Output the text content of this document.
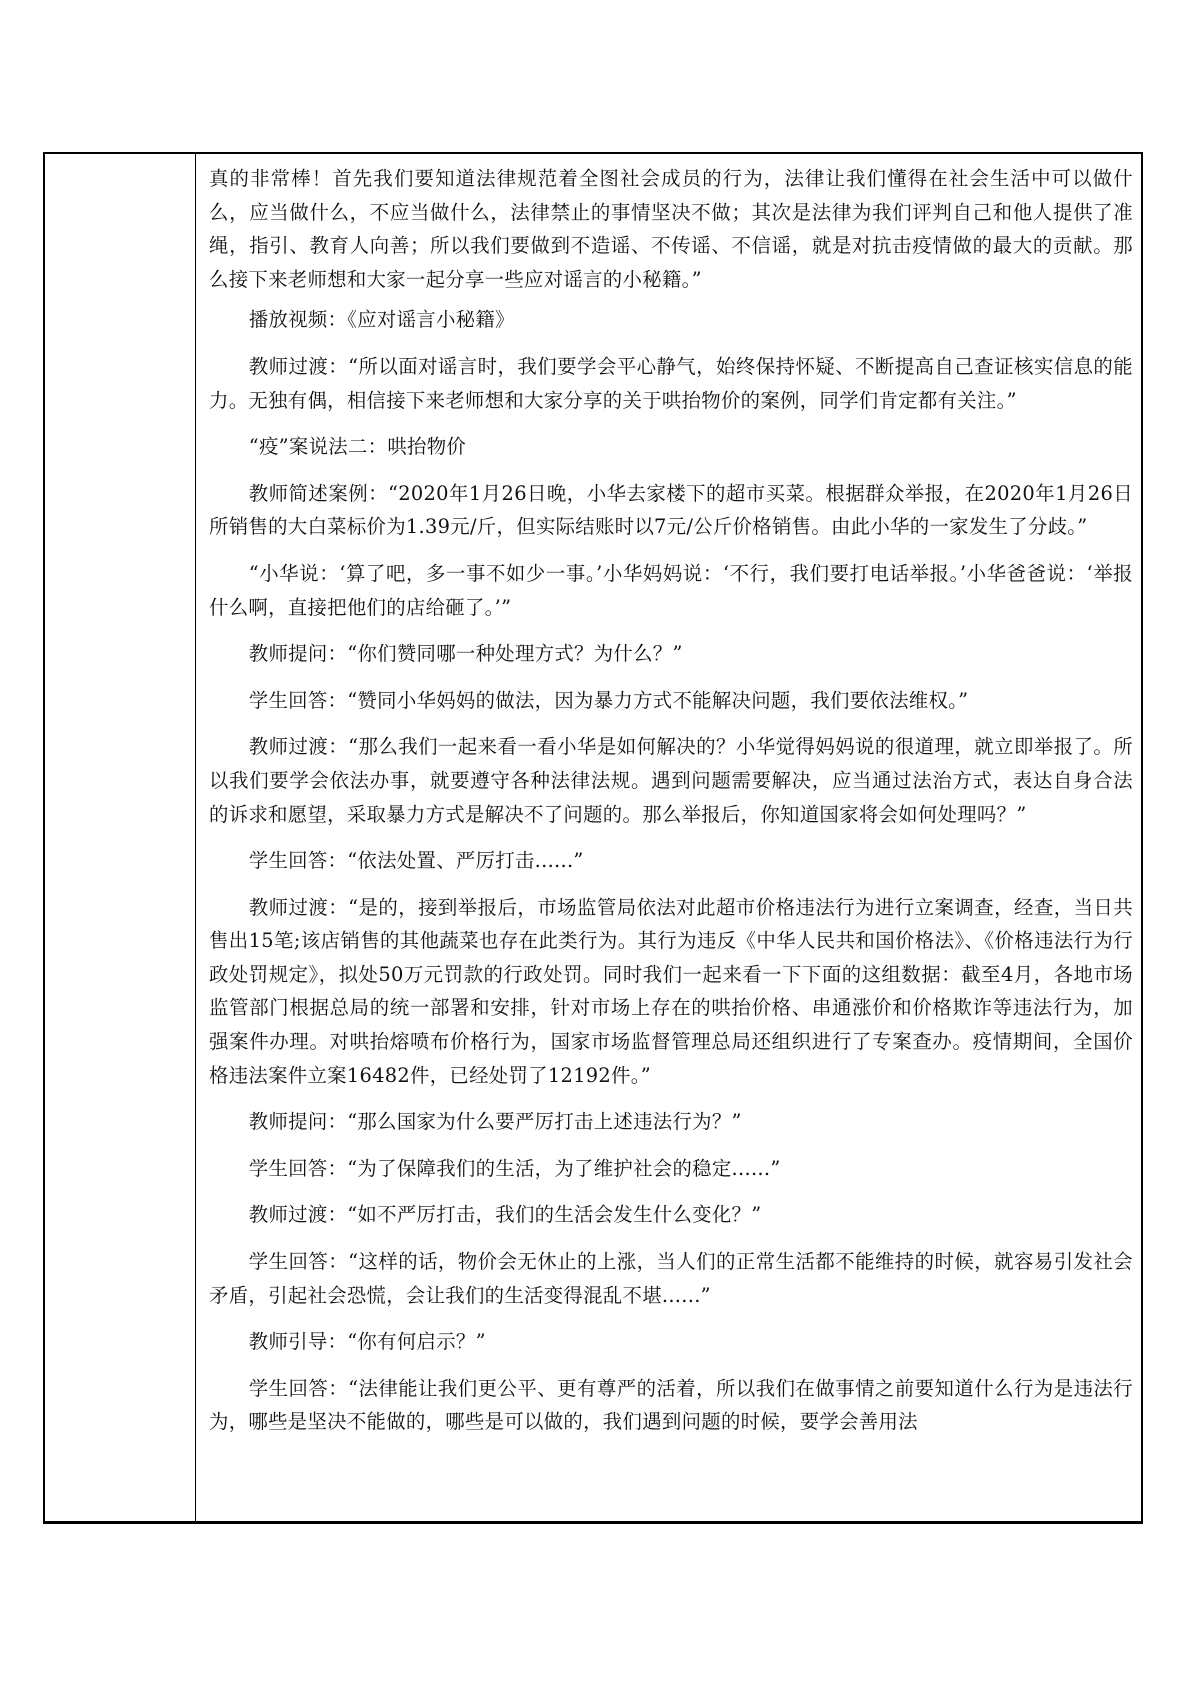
真的非常棒！首先我们要知道法律规范着全图社会成员的行为，法律让我们懂得在社会生活中可以做什么，应当做什么，不应当做什么，法律禁止的事情坚决不做；其次是法律为我们评判自己和他人提供了准绳，指引、教育人向善；所以我们要做到不造谣、不传谣、不信谣，就是对抗击疫情做的最大的贡献。那么接下来老师想和大家一起分享一些应对谣言的小秘籍。”

播放视频：《应对谣言小秘籍》

教师过渡：“所以面对谣言时，我们要学会平心静气，始终保持怀疑、不断提高自己查证核实信息的能力。无独有偶，相信接下来老师想和大家分享的关于哄抬物价的案例，同学们肯定都有关注。”

“疫”案说法二：哄抬物价

教师简述案例：“2020年1月26日晚，小华去家楼下的超市买菜。根据群众举报，在2020年1月26日所销售的大白菜标价为1.39元/斤，但实际结账时以7元/公斤价格销售。由此小华的一家发生了分歧。”

“小华说：‘算了吧，多一事不如少一事。’小华妈妈说：‘不行，我们要打电话举报。’小华爸爸说：‘举报什么啊，直接把他们的店给砸了。’”

教师提问：“你们赞同哪一种处理方式？为什么？”

学生回答：“赞同小华妈妈的做法，因为暴力方式不能解决问题，我们要依法维权。”

教师过渡：“那么我们一起来看一看小华是如何解决的？小华觉得妈妈说的很道理，就立即举报了。所以我们要学会依法办事，就要遵守各种法律法规。遇到问题需要解决，应当通过法治方式，表达自身合法的诉求和愿望，采取暴力方式是解决不了问题的。那么举报后，你知道国家将会如何处理吗？”

学生回答：“依法处置、严厉打击......”

教师过渡：“是的，接到举报后，市场监管局依法对此超市价格违法行为进行立案调查，经查，当日共售出15笔;该店销售的其他蔬菜也存在此类行为。其行为违反《中华人民共和国价格法》、《价格违法行为行政处罚规定》，拟处50万元罚款的行政处罚。同时我们一起来看一下下面的这组数据：截至4月，各地市场监管部门根据总局的统一部署和安排，针对市场上存在的哄抬价格、串通涨价和价格欺诈等违法行为，加强案件办理。对哄抬熔喷布价格行为，国家市场监督管理总局还组织进行了专案查办。疫情期间，全国价格违法案件立案16482件，已经处罚了12192件。”

教师提问：“那么国家为什么要严厉打击上述违法行为？”

学生回答：“为了保障我们的生活，为了维护社会的稳定......”

教师过渡：“如不严厉打击，我们的生活会发生什么变化？”

学生回答：“这样的话，物价会无休止的上涨，当人们的正常生活都不能维持的时候，就容易引发社会矛盾，引起社会恐慌，会让我们的生活变得混乱不堪......”

教师引导：“你有何启示？”

学生回答：“法律能让我们更公平、更有尊严的活着，所以我们在做事情之前要知道什么行为是违法行为，哪些是坚决不能做的，哪些是可以做的，我们遇到问题的时候，要学会善用法
